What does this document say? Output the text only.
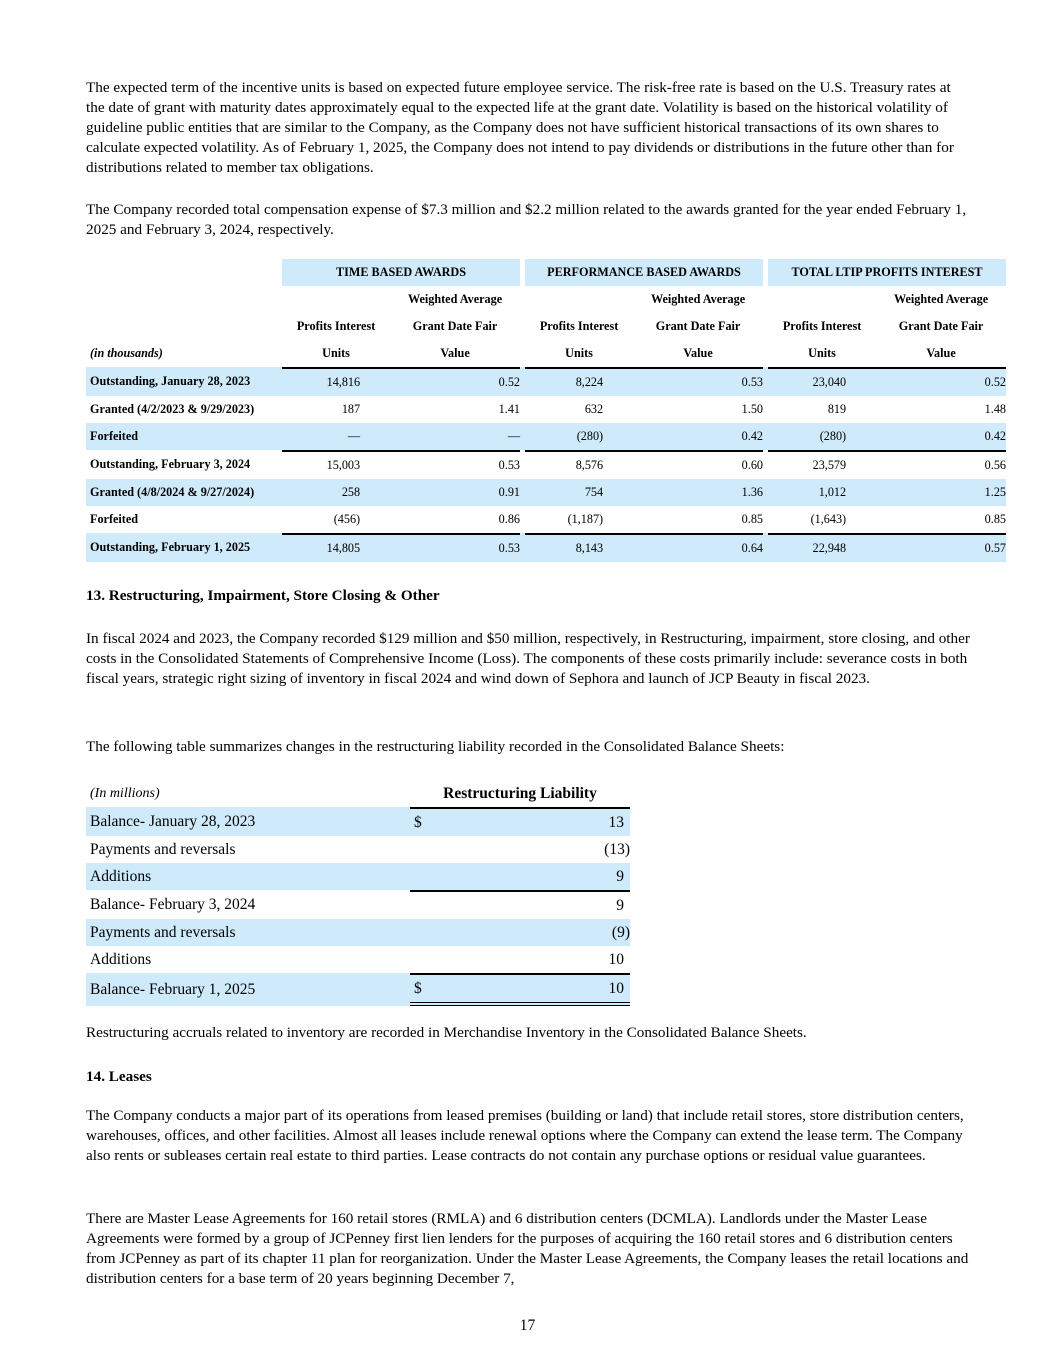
The expected term of the incentive units is based on expected future employee service. The risk-free rate is based on the U.S. Treasury rates at the date of grant with maturity dates approximately equal to the expected life at the grant date. Volatility is based on the historical volatility of guideline public entities that are similar to the Company, as the Company does not have sufficient historical transactions of its own shares to calculate expected volatility. As of February 1, 2025, the Company does not intend to pay dividends or distributions in the future other than for distributions related to member tax obligations.

The Company recorded total compensation expense of $7.3 million and $2.2 million related to the awards granted for the year ended February 1, 2025 and February 3, 2024, respectively.

	TIME BASED AWARDS			PERFORMANCE BASED AWARDS			TOTAL LTIP PROFITS INTEREST	
		Weighted Average			Weighted Average			Weighted Average
	Profits Interest	Grant Date Fair		Profits Interest	Grant Date Fair		Profits Interest	Grant Date Fair
(in thousands)	Units	Value		Units	Value		Units	Value
Outstanding, January 28, 2023	14,816	0.52		8,224	0.53		23,040	0.52
Granted (4/2/2023 & 9/29/2023)	187	1.41		632	1.50		819	1.48
Forfeited	—	—		(280)	0.42		(280)	0.42
Outstanding, February 3, 2024	15,003	0.53		8,576	0.60		23,579	0.56
Granted (4/8/2024 & 9/27/2024)	258	0.91		754	1.36		1,012	1.25
Forfeited	(456)	0.86		(1,187)	0.85		(1,643)	0.85
Outstanding, February 1, 2025	14,805	0.53		8,143	0.64		22,948	0.57

13. Restructuring, Impairment, Store Closing & Other

In fiscal 2024 and 2023, the Company recorded $129 million and $50 million, respectively, in Restructuring, impairment, store closing, and other costs in the Consolidated Statements of Comprehensive Income (Loss). The components of these costs primarily include: severance costs in both fiscal years, strategic right sizing of inventory in fiscal 2024 and wind down of Sephora and launch of JCP Beauty in fiscal 2023.

The following table summarizes changes in the restructuring liability recorded in the Consolidated Balance Sheets:

(In millions)	Restructuring Liability
Balance- January 28, 2023	$ 13

Payments and reversals	(13)

Additions	9

Balance- February 3, 2024	9

Payments and reversals	(9)

Additions	10

Balance- February 1, 2025	$ 10

Restructuring accruals related to inventory are recorded in Merchandise Inventory in the Consolidated Balance Sheets.

14. Leases

The Company conducts a major part of its operations from leased premises (building or land) that include retail stores, store distribution centers, warehouses, offices, and other facilities. Almost all leases include renewal options where the Company can extend the lease term. The Company also rents or subleases certain real estate to third parties. Lease contracts do not contain any purchase options or residual value guarantees.

There are Master Lease Agreements for 160 retail stores (RMLA) and 6 distribution centers (DCMLA). Landlords under the Master Lease Agreements were formed by a group of JCPenney first lien lenders for the purposes of acquiring the 160 retail stores and 6 distribution centers from JCPenney as part of its chapter 11 plan for reorganization. Under the Master Lease Agreements, the Company leases the retail locations and distribution centers for a base term of 20 years beginning December 7,

17
